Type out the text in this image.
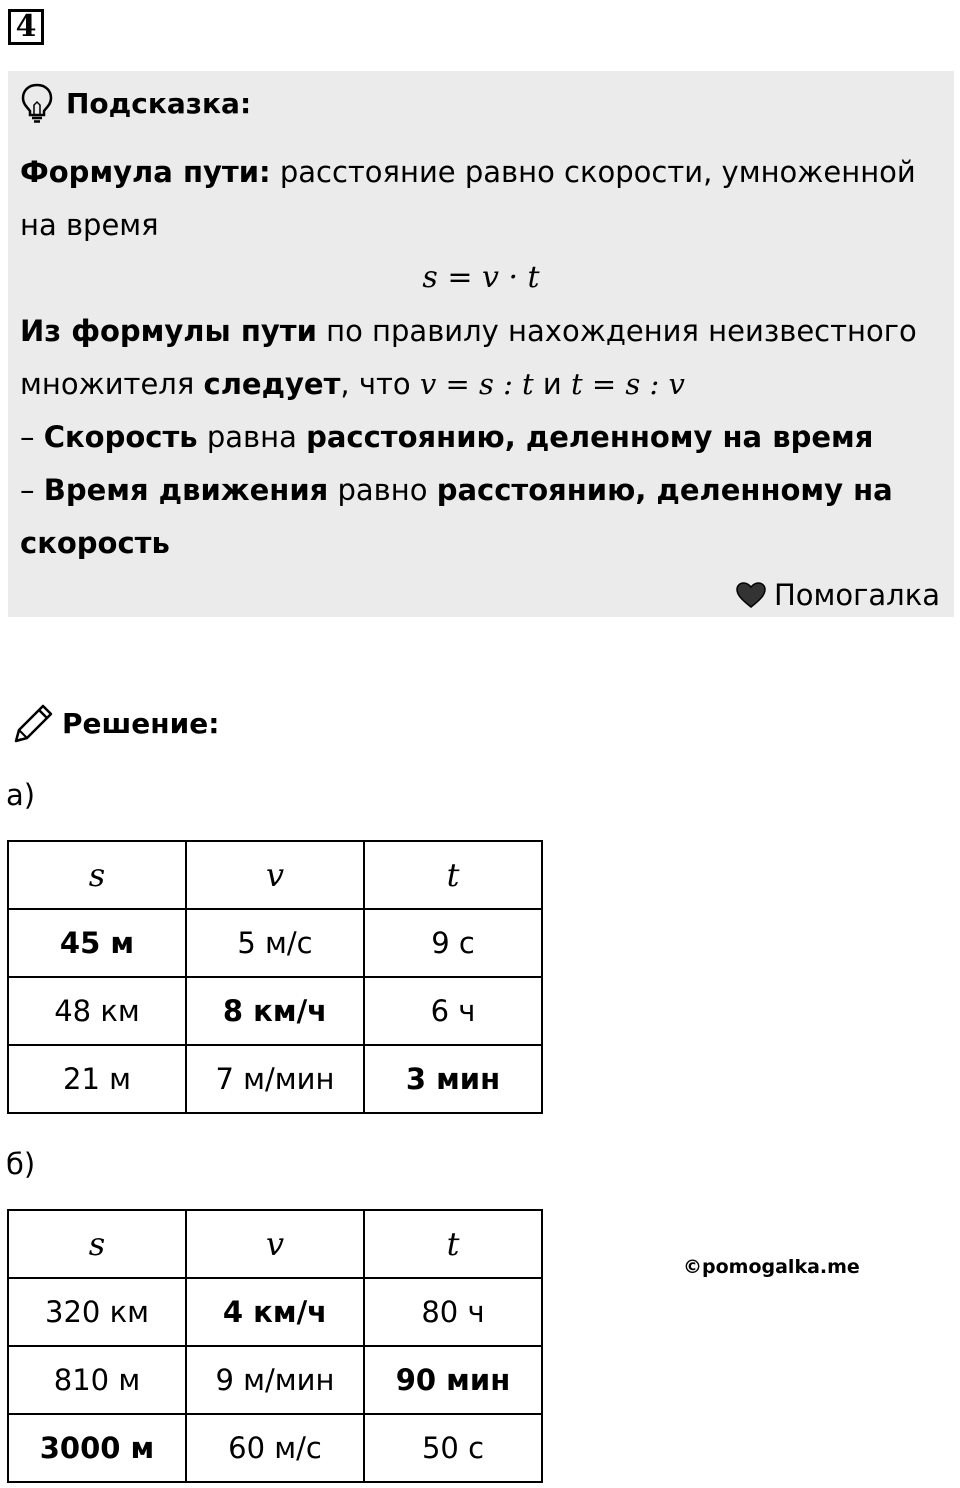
4
Подсказка:
Формула пути: расстояние равно скорости, умноженной
на время
s = v · t
Из формулы пути по правилу нахождения неизвестного
множителя следует, что v = s : t и t = s : v
– Скорость равна расстоянию, деленному на время
– Время движения равно расстоянию, деленному на
скорость
Помогалка
Решение:
а)
s	v	t
45 м	5 м/с	9 с
48 км	8 км/ч	6 ч
21 м	7 м/мин	3 мин
б)
s	v	t
320 км	4 км/ч	80 ч
810 м	9 м/мин	90 мин
3000 м	60 м/с	50 с
©pomogalka.me
